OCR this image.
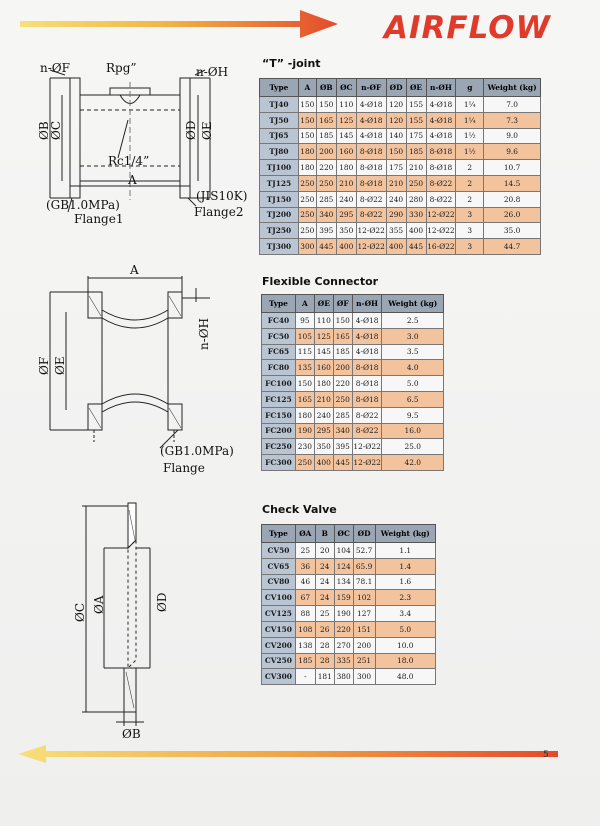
AIRFLOW
5
n-ØF	Rpg”	n-ØH
ØB
ØC	ØD ØE
Rc1/4”
A
(GB1.0MPa)
Flange1
(JIS10K)
Flange2
A
ØF ØE
n-ØH
(GB1.0MPa)
Flange
ØC ØA	ØD
ØB
“T” -joint
Type	A	ØB	ØC	n-ØF	ØD	ØE	n-ØH	g	Weight (kg)
TJ40	150	150	110	4-Ø18	120	155	4-Ø18	1¼	7.0
TJ50	150	165	125	4-Ø18	120	155	4-Ø18	1¼	7.3
TJ65	150	185	145	4-Ø18	140	175	4-Ø18	1½	9.0
TJ80	180	200	160	8-Ø18	150	185	8-Ø18	1½	9.6
TJ100	180	220	180	8-Ø18	175	210	8-Ø18	2	10.7
TJ125	250	250	210	8-Ø18	210	250	8-Ø22	2	14.5
TJ150	250	285	240	8-Ø22	240	280	8-Ø22	2	20.8
TJ200	250	340	295	8-Ø22	290	330	12-Ø22	3	26.0
TJ250	250	395	350	12-Ø22	355	400	12-Ø22	3	35.0
TJ300	300	445	400	12-Ø22	400	445	16-Ø22	3	44.7
Flexible Connector
Type	A	ØE	ØF	n-ØH	Weight (kg)
FC40	95	110	150	4-Ø18	2.5
FC50	105	125	165	4-Ø18	3.0
FC65	115	145	185	4-Ø18	3.5
FC80	135	160	200	8-Ø18	4.0
FC100	150	180	220	8-Ø18	5.0
FC125	165	210	250	8-Ø18	6.5
FC150	180	240	285	8-Ø22	9.5
FC200	190	295	340	8-Ø22	16.0
FC250	230	350	395	12-Ø22	25.0
FC300	250	400	445	12-Ø22	42.0
Check Valve
Type	ØA	B	ØC	ØD	Weight (kg)
CV50	25	20	104	52.7	1.1
CV65	36	24	124	65.9	1.4
CV80	46	24	134	78.1	1.6
CV100	67	24	159	102	2.3
CV125	88	25	190	127	3.4
CV150	108	26	220	151	5.0
CV200	138	28	270	200	10.0
CV250	185	28	335	251	18.0
CV300	-	181	380	300	48.0
